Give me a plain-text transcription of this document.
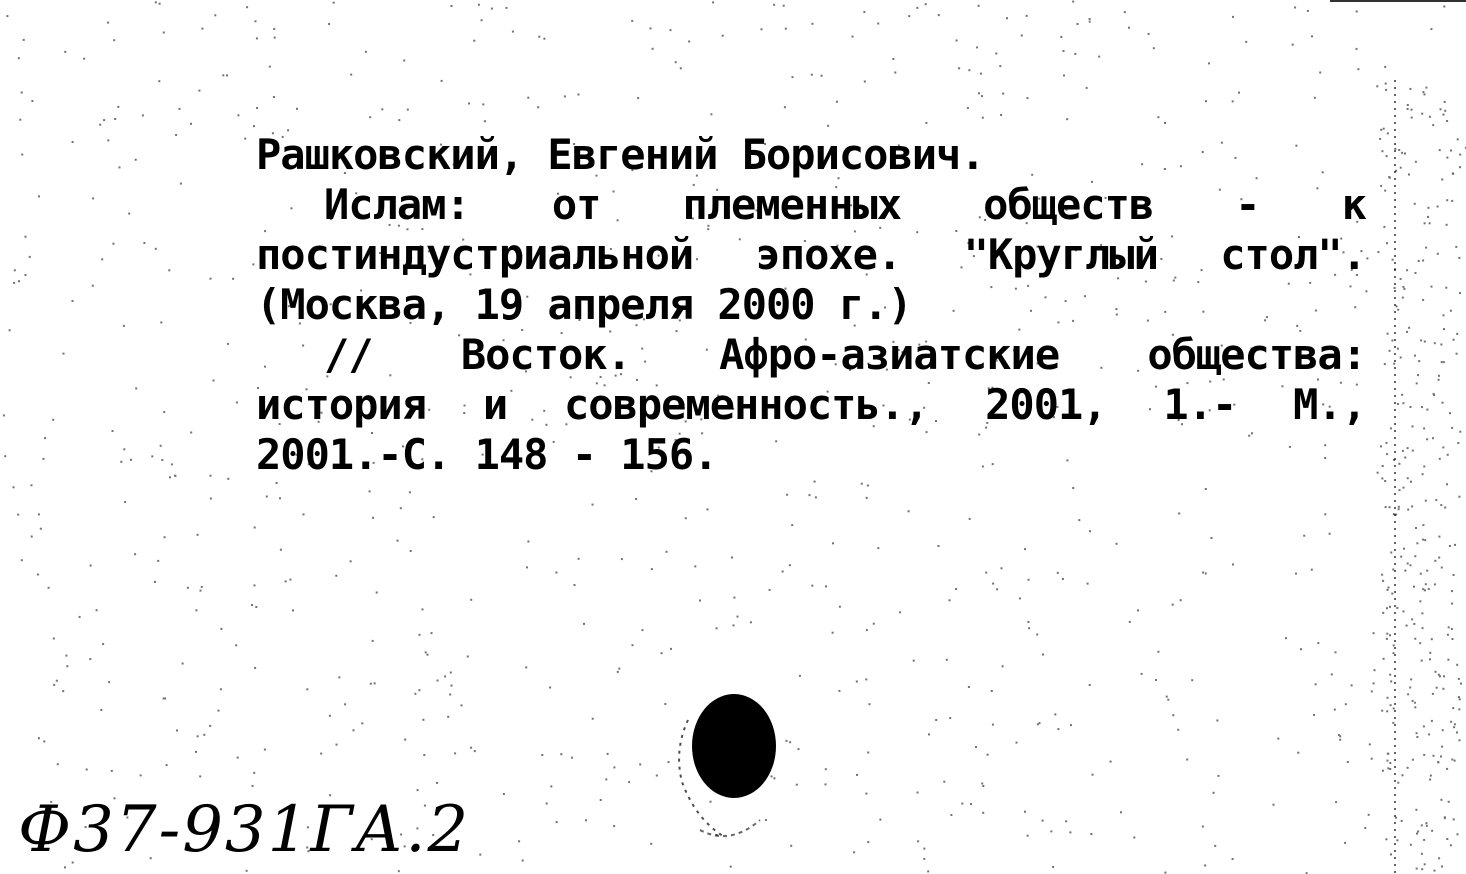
Рашковский, Евгений Борисович.
Ислам: от племенных обществ - к
постиндустриальной эпохе. "Круглый стол".
(Москва, 19 апреля 2000 г.)
// Восток. Афро-азиатские общества:
история и современность., 2001, 1.- М.,
2001.-С. 148 - 156.
Ф37-931ГА.2
